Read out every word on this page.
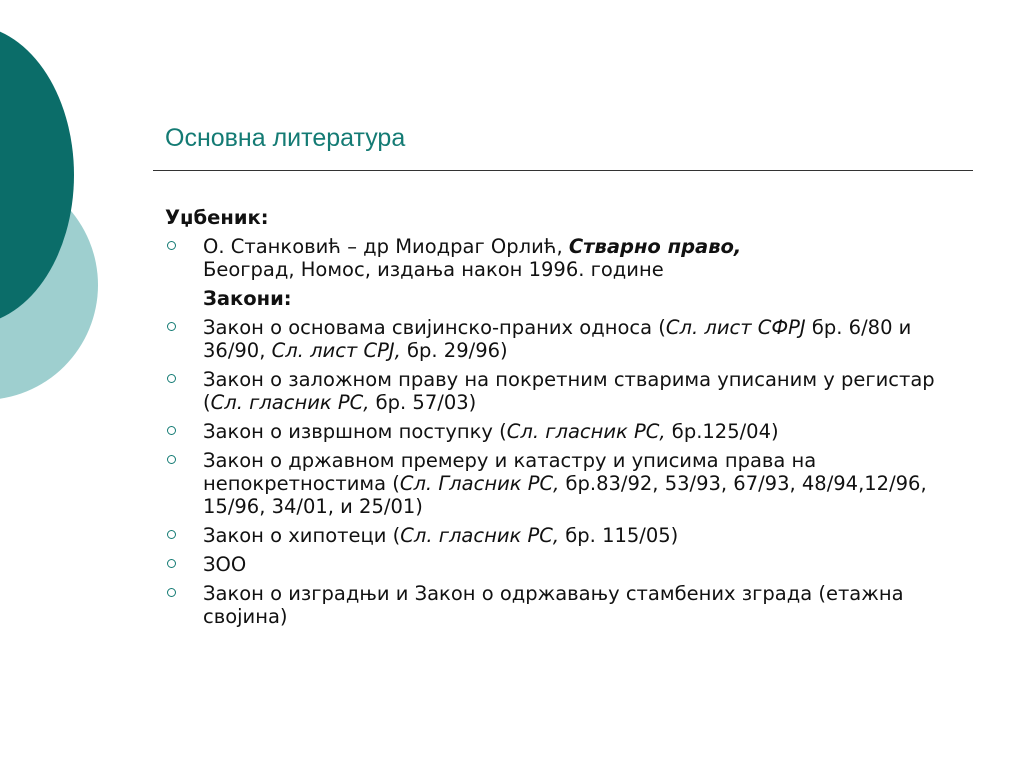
Основна литература
Уџбеник:
О. Станковић – др Миодраг Орлић, Стварно право,
Београд, Номос, издања након 1996. године
Закони:
Закон о основама свијинско-праних односа (Сл. лист СФРЈ бр. 6/80 и 36/90, Сл. лист СРЈ, бр. 29/96)
Закон о заложном праву на покретним стварима уписаним у регистар (Сл. гласник РС, бр. 57/03)
Закон о извршном поступку (Сл. гласник РС, бр.125/04)
Закон о државном премеру и катастру и уписима права на непокретностима (Сл. Гласник РС, бр.83/92, 53/93, 67/93, 48/94,12/96, 15/96, 34/01, и 25/01)
Закон о хипотеци (Сл. гласник РС, бр. 115/05)
ЗОО
Закон о изградњи и Закон о одржавању стамбених зграда (етажна својина)
